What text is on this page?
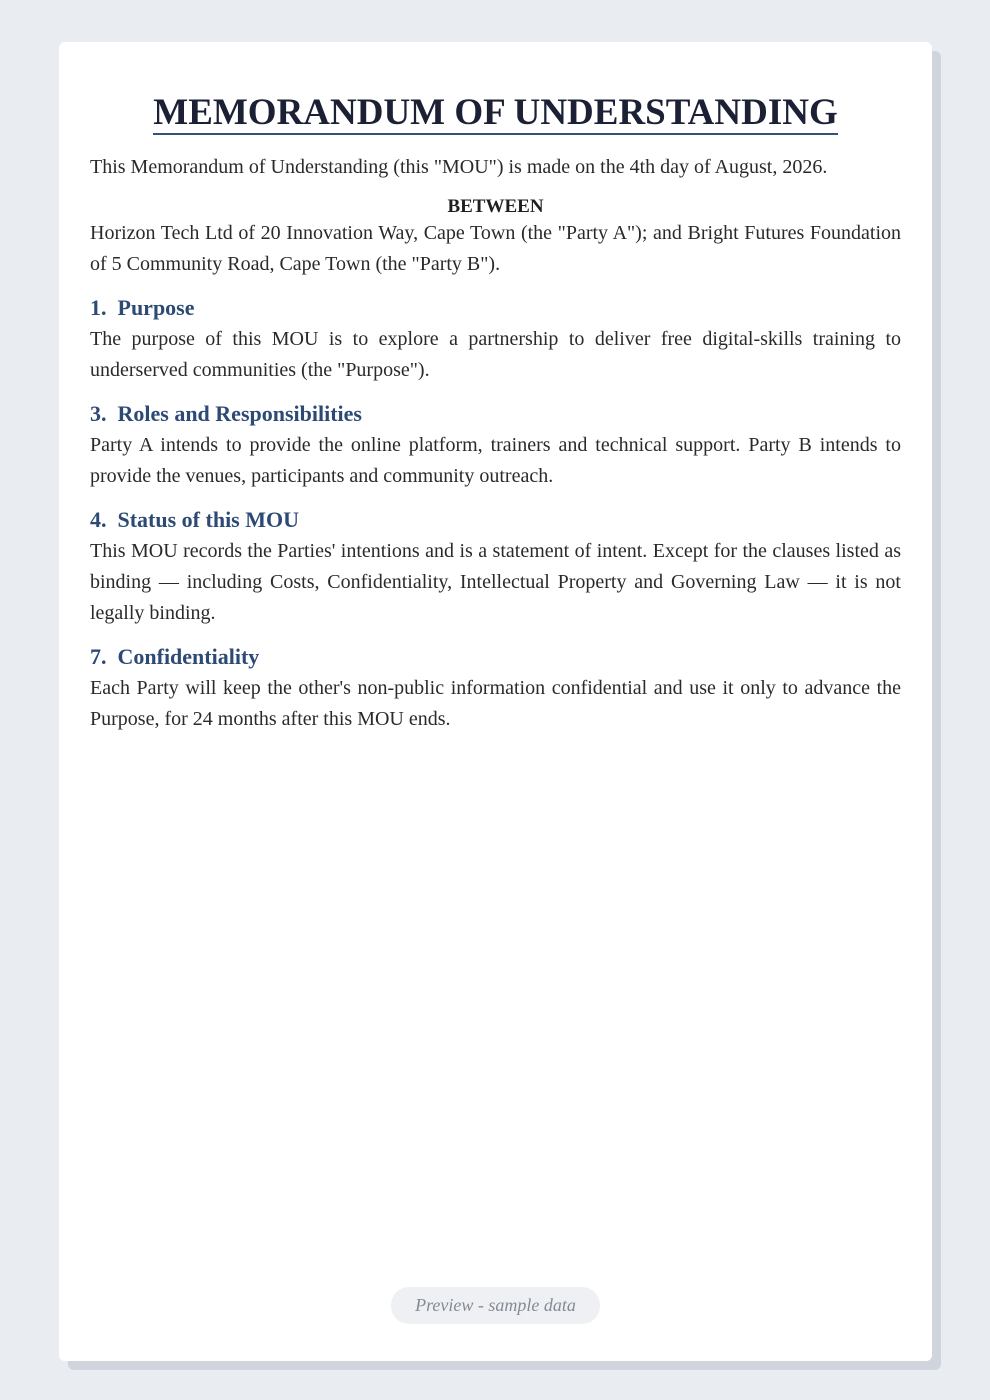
MEMORANDUM OF UNDERSTANDING

This Memorandum of Understanding (this "MOU") is made on the 4th day of August, 2026.

BETWEEN

Horizon Tech Ltd of 20 Innovation Way, Cape Town (the "Party A"); and Bright Futures Foundation of 5 Community Road, Cape Town (the "Party B").

1. Purpose

The purpose of this MOU is to explore a partnership to deliver free digital-skills training to underserved communities (the "Purpose").

3. Roles and Responsibilities

Party A intends to provide the online platform, trainers and technical support. Party B intends to provide the venues, participants and community outreach.

4. Status of this MOU

This MOU records the Parties' intentions and is a statement of intent. Except for the clauses listed as binding — including Costs, Confidentiality, Intellectual Property and Governing Law — it is not legally binding.

7. Confidentiality

Each Party will keep the other's non-public information confidential and use it only to advance the Purpose, for 24 months after this MOU ends.

Preview - sample data
